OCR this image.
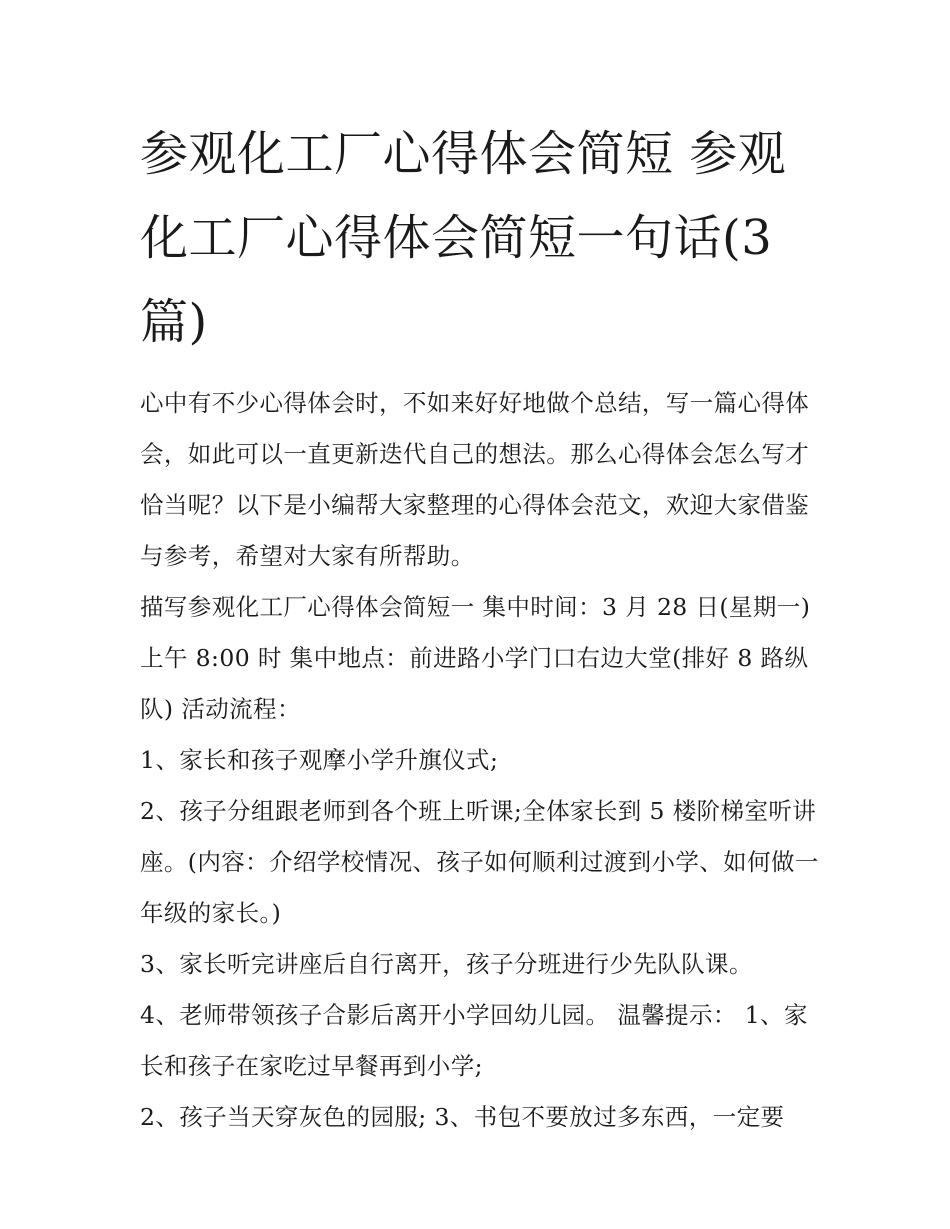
参观化工厂心得体会简短 参观化工厂心得体会简短一句话(3篇)

心中有不少心得体会时，不如来好好地做个总结，写一篇心得体会，如此可以一直更新迭代自己的想法。那么心得体会怎么写才恰当呢？以下是小编帮大家整理的心得体会范文，欢迎大家借鉴与参考，希望对大家有所帮助。

描写参观化工厂心得体会简短一 集中时间：3 月 28 日(星期一)上午 8:00 时 集中地点：前进路小学门口右边大堂(排好 8 路纵队) 活动流程：

1、家长和孩子观摩小学升旗仪式;

2、孩子分组跟老师到各个班上听课;全体家长到 5 楼阶梯室听讲座。(内容：介绍学校情况、孩子如何顺利过渡到小学、如何做一年级的家长。)

3、家长听完讲座后自行离开，孩子分班进行少先队队课。

4、老师带领孩子合影后离开小学回幼儿园。 温馨提示： 1、家长和孩子在家吃过早餐再到小学;

2、孩子当天穿灰色的园服; 3、书包不要放过多东西，一定要
